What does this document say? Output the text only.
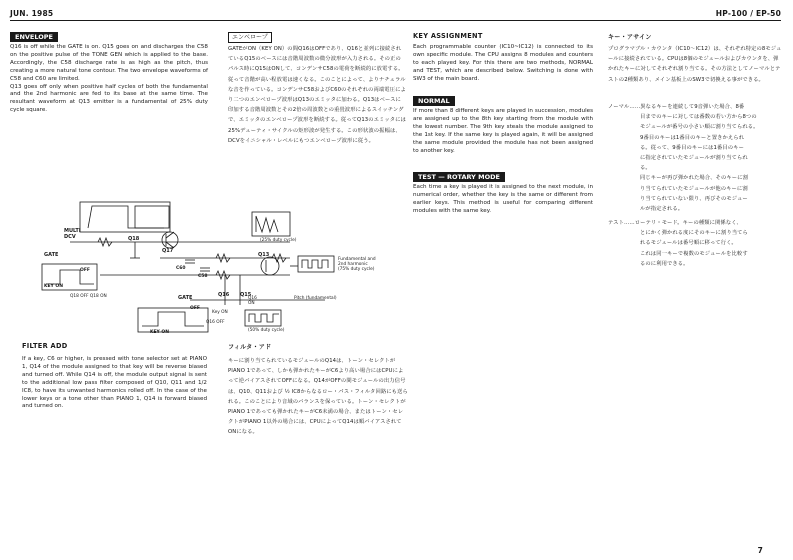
JUN. 1985	HP-100 / EP-50
ENVELOPE
Q16 is off while the GATE is on. Q15 goes on and discharges the C58 on the positive pulse of the TONE GEN which is applied to the base. Accordingly, the C58 discharge rate is as high as the pitch, thus creating a more natural tone contour. The two envelope waveforms of C58 and C60 are limited.
Q13 goes off only when positive half cycles of both the fundamental and the 2nd harmonic are fed to its base at the same time. The resultant waveform at Q13 emitter is a fundamental of 25% duty cycle square.
エンベロープ
GATEがON（KEY ON）の間Q16はOFFであり、Q16と並列に接続されているQ15のベースには音階周波数の微分波形が入力される。その正のパルス時にQ15はONして、コンデンサC58の電荷を断続的に放電する。従って音階が高い程放電は速くなる。このことによって、よりナチュラルな音を作っている。コンデンサC58およびC60のそれぞれの両端電圧により二つのエンベロープ波形はQ13のエミッタに加わる。Q13はベースに印加する音階周波数とその2倍の周波数との重畳波形によるスイッチングで、エミッタのエンベロープ波形を断続する。従ってQ13のエミッタには25%デューティ・サイクルの矩形波が発生する。この形状波の振幅は、DCVをイニシャル・レベルにもつエンベロープ波形に従う。
KEY ASSIGNMENT
Each programmable counter (IC10~IC12) is connected to its own specific module. The CPU assigns 8 modules and counters to each played key. For this there are two methods, NORMAL and TEST, which are described below. Switching is done with SW3 of the main board.
NORMAL
If more than 8 different keys are played in succession, modules are assigned up to the 8th key starting from the module with the lowest number. The 9th key steals the module assigned to the 1st key. If the same key is played again, it will be assigned the same module provided the module has not been assigned to another key.
TEST — ROTARY MODE
Each time a key is played it is assigned to the next module, in numerical order, whether the key is the same or different from earlier keys. This method is useful for comparing different modules with the same key.
キー・アサイン
プログラマブル・カウンタ（IC10～IC12）は、それぞれ特定の8モジュールに接続されている。CPUは8個のモジュールおよびカウンタを、弾かれたキーに対してそれぞれ割り当てる。その方法としてノーマルとテストの2種類あり、メイン基板上のSW3で切換える事ができる。
ノーマル……異なるキーを連続して9音弾いた場合、8番
目までのキーに対しては番数の若い方から8つの
モジュールが番号の小さい順に割り当てられる。
9番目のキーは1番目のキーと置きかえられ
る。従って、9番目のキーには1番目のキー
に指定されていたモジュールが割り当てられ
る。
同じキーが再び弾かれた場合、そのキーに割
り当てられていたモジュールが他のキーに割
り当てられていない限り、再びそのモジュー
ルが指定される。
テスト……ローテリ・モード。キーの種類に関係なく、
とにかく弾かれる度にそのキーに割り当てら
れるモジュールは番号順に移って行く。
これは同一キーで複数のモジュールを比較す
るのに利用できる。
MULTI
DCV
GATE
OFF
KEY ON
Q18
Q17
C60
C58
Q13
Q16 Q15
Q18 OFF Q18 ON
(25% duty cycle)
Fundamental and
2nd harmonic
(75% duty cycle)
GATE
OFF
KEY ON
Key ON
Q16 OFF
Q16
ON
Pitch (fundamental)
(50% duty cycle)
FILTER ADD
If a key, C6 or higher, is pressed with tone selector set at PIANO 1, Q14 of the module assigned to that key will be reverse biased and turned off. While Q14 is off, the module output signal is sent to the additional low pass filter composed of Q10, Q11 and 1/2 IC8, to have its unwanted harmonics rolled off. In the case of the lower keys or a tone other than PIANO 1, Q14 is forward biased and turned on.
フィルタ・アド
キーに割り当てられているモジュールのQ14は、トーン・セレクトがPIANO 1であって、しかも弾かれたキーがC6より高い場合にはCPUによって逆バイアスされてOFFになる。Q14がOFFの間モジュールの出力信号は、Q10、Q11および ½ IC8からなるロー・パス・フィルタ回路にも送られる。このことにより音域のバランスを保っている。トーン・セレクトがPIANO 1であっても弾かれたキーがC6未満の場合、またはトーン・セレクトがPIANO 1以外の場合には、CPUによってQ14は順バイアスされてONになる。
7
